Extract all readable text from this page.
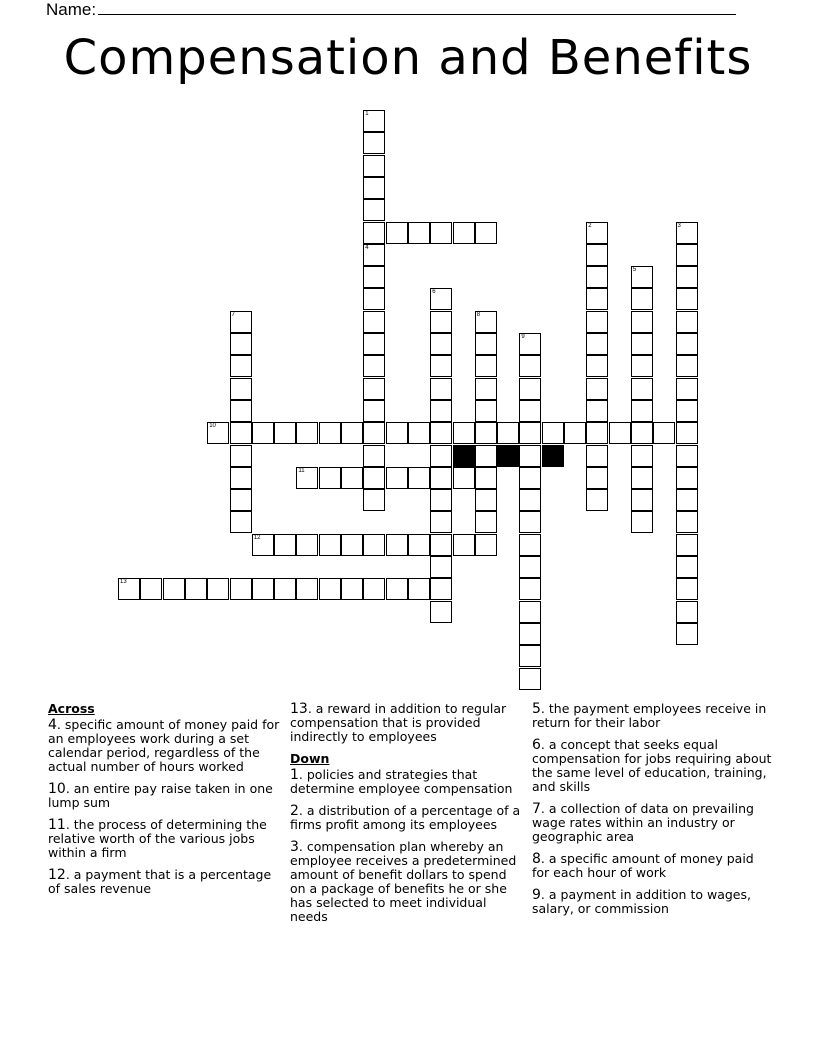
Name:
Compensation and Benefits
1
4
2	3
5
6
7	8
9
10
11
12
13
Across
4. specific amount of money paid for an employees work during a set calendar period, regardless of the actual number of hours worked
10. an entire pay raise taken in one lump sum
11. the process of determining the relative worth of the various jobs within a firm
12. a payment that is a percentage of sales revenue
13. a reward in addition to regular compensation that is provided indirectly to employees
Down
1. policies and strategies that determine employee compensation
2. a distribution of a percentage of a firms profit among its employees
3. compensation plan whereby an employee receives a predetermined amount of benefit dollars to spend on a package of benefits he or she has selected to meet individual needs
5. the payment employees receive in return for their labor
6. a concept that seeks equal compensation for jobs requiring about the same level of education, training, and skills
7. a collection of data on prevailing wage rates within an industry or geographic area
8. a specific amount of money paid for each hour of work
9. a payment in addition to wages, salary, or commission
